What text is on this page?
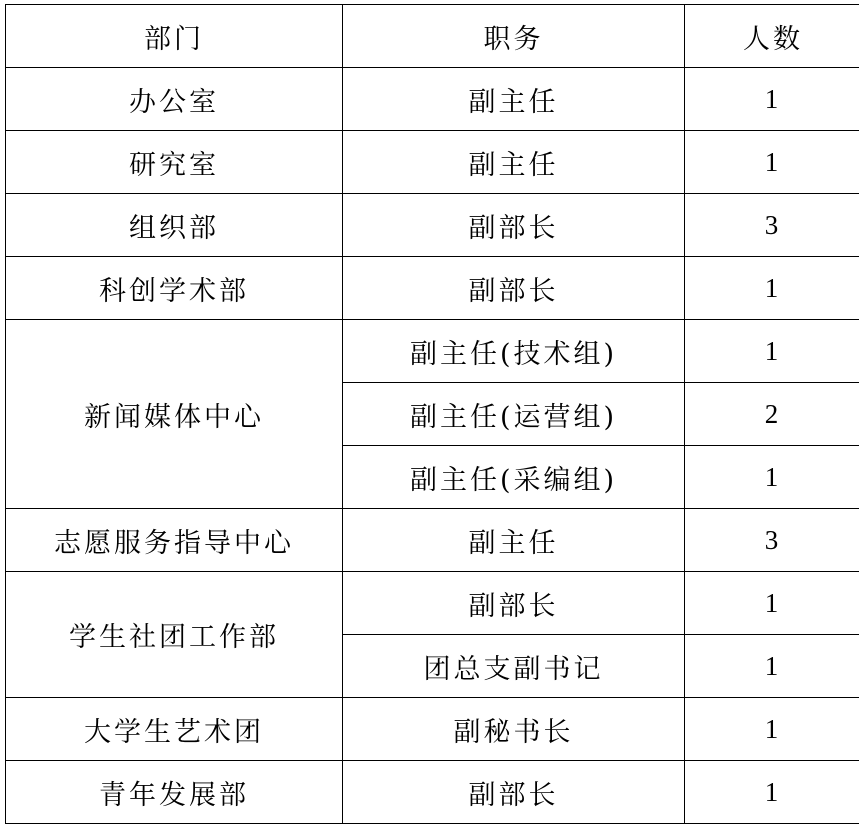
部门	职务	人数
办公室	副主任	1
研究室	副主任	1
组织部	副部长	3
科创学术部	副部长	1
新闻媒体中心	副主任(技术组)	1
	副主任(运营组)	2
	副主任(采编组)	1
志愿服务指导中心	副主任	3
学生社团工作部	副部长	1
	团总支副书记	1
大学生艺术团	副秘书长	1
青年发展部	副部长	1
